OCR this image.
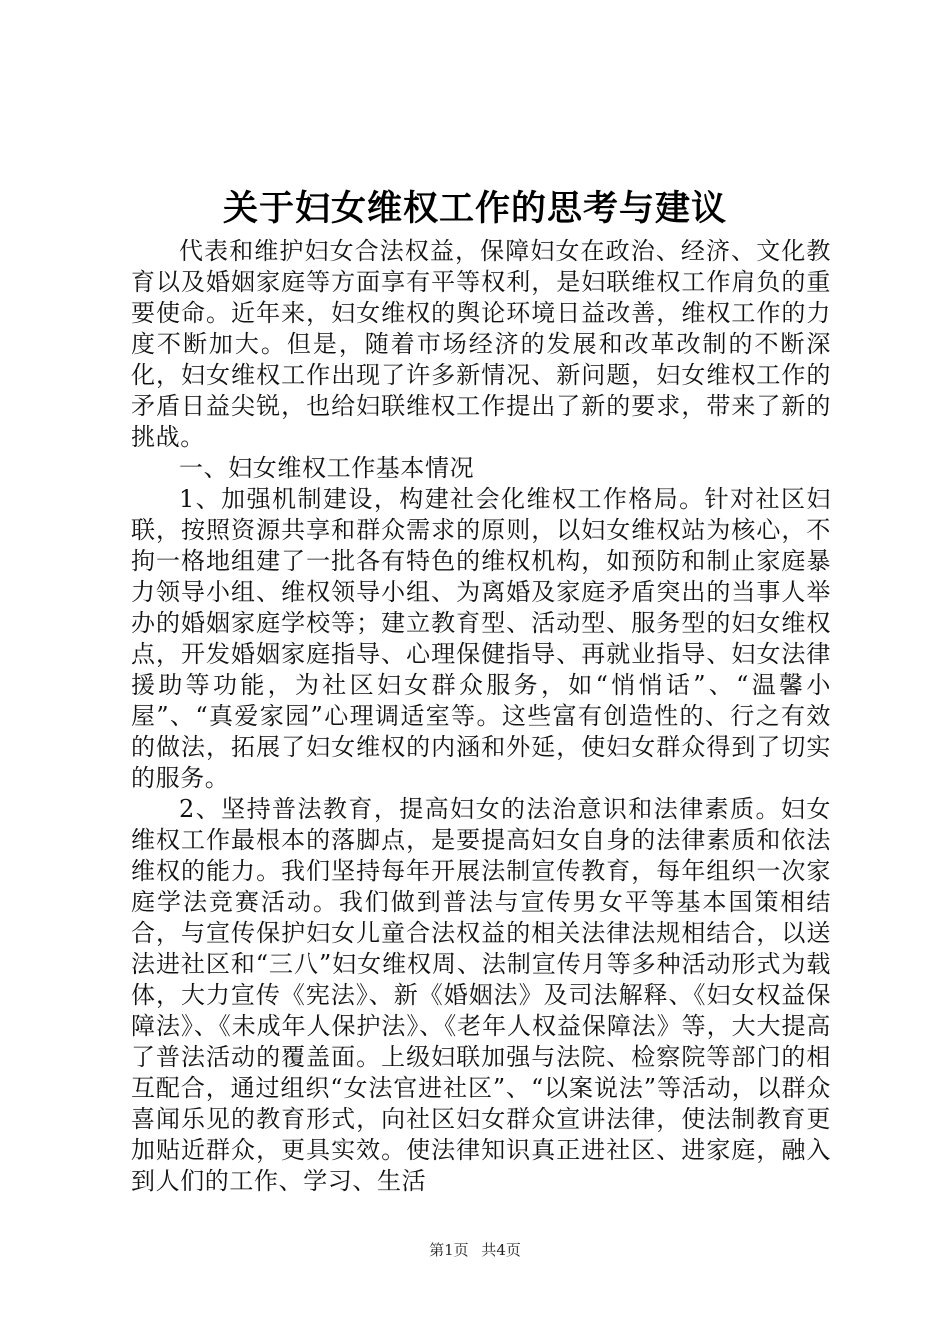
关于妇女维权工作的思考与建议

代表和维护妇女合法权益，保障妇女在政治、经济、文化教育以及婚姻家庭等方面享有平等权利，是妇联维权工作肩负的重要使命。近年来，妇女维权的舆论环境日益改善，维权工作的力度不断加大。但是，随着市场经济的发展和改革改制的不断深化，妇女维权工作出现了许多新情况、新问题，妇女维权工作的矛盾日益尖锐，也给妇联维权工作提出了新的要求，带来了新的挑战。

一、妇女维权工作基本情况

1、加强机制建设，构建社会化维权工作格局。针对社区妇联，按照资源共享和群众需求的原则，以妇女维权站为核心，不拘一格地组建了一批各有特色的维权机构，如预防和制止家庭暴力领导小组、维权领导小组、为离婚及家庭矛盾突出的当事人举办的婚姻家庭学校等；建立教育型、活动型、服务型的妇女维权点，开发婚姻家庭指导、心理保健指导、再就业指导、妇女法律援助等功能，为社区妇女群众服务，如“悄悄话”、“温馨小屋”、“真爱家园”心理调适室等。这些富有创造性的、行之有效的做法，拓展了妇女维权的内涵和外延，使妇女群众得到了切实的服务。

2、坚持普法教育，提高妇女的法治意识和法律素质。妇女维权工作最根本的落脚点，是要提高妇女自身的法律素质和依法维权的能力。我们坚持每年开展法制宣传教育，每年组织一次家庭学法竞赛活动。我们做到普法与宣传男女平等基本国策相结合，与宣传保护妇女儿童合法权益的相关法律法规相结合，以送法进社区和“三八”妇女维权周、法制宣传月等多种活动形式为载体，大力宣传《宪法》、新《婚姻法》及司法解释、《妇女权益保障法》、《未成年人保护法》、《老年人权益保障法》等，大大提高了普法活动的覆盖面。上级妇联加强与法院、检察院等部门的相互配合，通过组织“女法官进社区”、“以案说法”等活动，以群众喜闻乐见的教育形式，向社区妇女群众宣讲法律，使法制教育更加贴近群众，更具实效。使法律知识真正进社区、进家庭，融入到人们的工作、学习、生活

第1页 共4页
